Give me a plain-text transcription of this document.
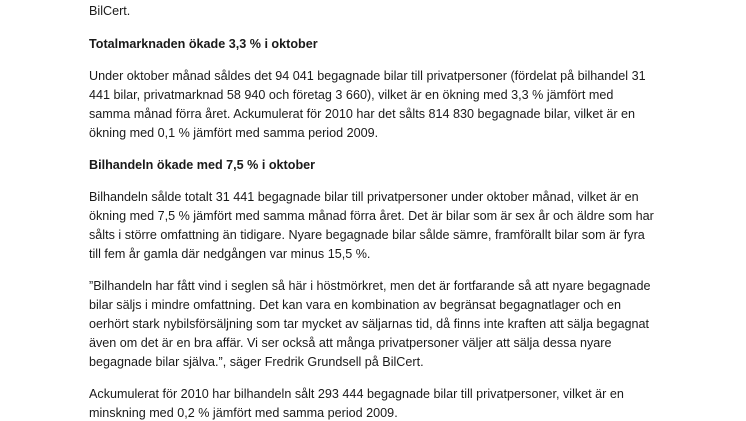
BilCert.
Totalmarknaden ökade 3,3 % i oktober
Under oktober månad såldes det 94 041 begagnade bilar till privatpersoner (fördelat på bilhandel 31
441 bilar, privatmarknad 58 940 och företag 3 660), vilket är en ökning med 3,3 % jämfört med
samma månad förra året. Ackumulerat för 2010 har det sålts 814 830 begagnade bilar, vilket är en
ökning med 0,1 % jämfört med samma period 2009.
Bilhandeln ökade med 7,5 % i oktober
Bilhandeln sålde totalt 31 441 begagnade bilar till privatpersoner under oktober månad, vilket är en
ökning med 7,5 % jämfört med samma månad förra året. Det är bilar som är sex år och äldre som har
sålts i större omfattning än tidigare. Nyare begagnade bilar sålde sämre, framförallt bilar som är fyra
till fem år gamla där nedgången var minus 15,5 %.
”Bilhandeln har fått vind i seglen så här i höstmörkret, men det är fortfarande så att nyare begagnade
bilar säljs i mindre omfattning. Det kan vara en kombination av begränsat begagnatlager och en
oerhört stark nybilsförsäljning som tar mycket av säljarnas tid, då finns inte kraften att sälja begagnat
även om det är en bra affär. Vi ser också att många privatpersoner väljer att sälja dessa nyare
begagnade bilar själva.”, säger Fredrik Grundsell på BilCert.
Ackumulerat för 2010 har bilhandeln sålt 293 444 begagnade bilar till privatpersoner, vilket är en
minskning med 0,2 % jämfört med samma period 2009.
